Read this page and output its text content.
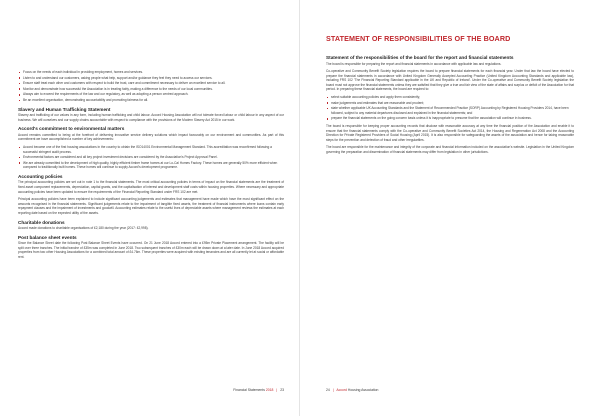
Focus on the needs of each individual in providing employment, homes and services.
Listen to and understand our customers, asking people what help, support and/or guidance they feel they need to access our services.
Ensure staff treat each other and customers with respect to build the trust, care and commitment necessary to deliver an excellent service to all.
Monitor and demonstrate how successful the Association is in treating fairly, making a difference to the needs of our local communities.
Always aim to exceed the requirements of the law and our regulatory, as well as adopting a person centred approach.
Be an excellent organisation, demonstrating accountability and promoting fairness for all.
Slavery and Human Trafficking Statement
Slavery and trafficking of our values in any form, including human trafficking and child labour. Accord Housing Association will not tolerate forced labour or child labour in any aspect of our business. We will ourselves and our supply chains accountable with respect to compliance with the provisions of the Modern Slavery Act 2015 in our work.
Accord's commitment to environmental matters
Accord remains committed to being at the forefront of delivering innovative service delivery solutions which impact favourably on our environment and communities. As part of this commitment we have accomplished a number of key achievements:
Accord became one of the first housing associations in the country to obtain the ISO14001 Environmental Management Standard. This accreditation was reconfirmed following a successful stringent audit process.
Environmental factors are considered and all key project investment decisions are considered by the Association's Project Approval Panel.
We are already committed to the development of high quality, highly efficient timber frame homes at our Lo-Cal Homes Factory. These homes are generally 50% more efficient when compared to traditionally built homes. These homes will continue to supply Accord's development programme.
Accounting policies
The principal accounting policies are set out in note 1 to the financial statements. The most critical accounting policies in terms of impact on the financial statements are the treatment of fixed asset component replacements, depreciation, capital grants, and the capitalisation of interest and development staff costs within housing properties. Where necessary and appropriate accounting policies have been updated to ensure the requirements of the Financial Reporting Standard under FRS 102 are met.
Principal accounting policies have been explained to include significant accounting judgements and estimates that management have made which have the most significant effect on the amounts recognised in the financial statements. Significant judgements relate to the impairment of tangible fixed assets, the treatment of financial instruments where loans contain early repayment clauses and the impairment of investments and goodwill. Accounting estimates relate to the useful lives of depreciable assets where management reviews the estimates at each reporting date based on the expected utility of the assets.
Charitable donations
Accord made donations to charitable organisations of £2,180 during the year (2017: £2,998).
Post balance sheet events
Since the Balance Sheet date the following Post Balance Sheet Events have occurred. On 21 June 2018 Accord entered into a £95m Private Placement arrangement. The facility will be split over three tranches. The initial tranche of £35m was completed in June 2018. Two subsequent tranches of £30m each will be drawn down at a later date. In June 2018 Accord acquired properties from two other Housing Associations for a combined total amount of £4.76m. These properties were acquired with existing tenancies and are all currently let at social or affordable rent.
Financial Statements 2018 | 23
STATEMENT OF RESPONSIBILITIES OF THE BOARD
Statement of the responsibilities of the board for the report and financial statements
The board is responsible for preparing the report and financial statements in accordance with applicable law and regulations.
Co-operative and Community Benefit Society legislation requires the board to prepare financial statements for each financial year. Under that law the board have elected to prepare the financial statements in accordance with United Kingdom Generally Accepted Accounting Practice (United Kingdom Accounting Standards and applicable law), including FRS 102 'The Financial Reporting Standard applicable in the UK and Republic of Ireland'. Under the Co-operative and Community Benefit Society legislation the board must not approve the financial statements unless they are satisfied that they give a true and fair view of the state of affairs and surplus or deficit of the Association for that period. In preparing these financial statements, the board are required to:
select suitable accounting policies and apply them consistently;
make judgements and estimates that are reasonable and prudent;
state whether applicable UK Accounting Standards and the Statement of Recommended Practice (SORP) Accounting by Registered Housing Providers 2014, have been followed, subject to any material departures disclosed and explained in the financial statements; and
prepare the financial statements on the going concern basis unless it is inappropriate to presume that the association will continue in business.
The board is responsible for keeping proper accounting records that disclose with reasonable accuracy at any time the financial position of the Association and enable it to ensure that the financial statements comply with the Co-operative and Community Benefit Societies Act 2014, the Housing and Regeneration Act 2008 and the Accounting Direction for Private Registered Providers of Social Housing (April 2015). It is also responsible for safeguarding the assets of the association and hence for taking reasonable steps for the prevention and detection of fraud and other irregularities.
The board are responsible for the maintenance and integrity of the corporate and financial information included on the association's website. Legislation in the United Kingdom governing the preparation and dissemination of financial statements may differ from legislation in other jurisdictions.
24 | Accord Housing Association
